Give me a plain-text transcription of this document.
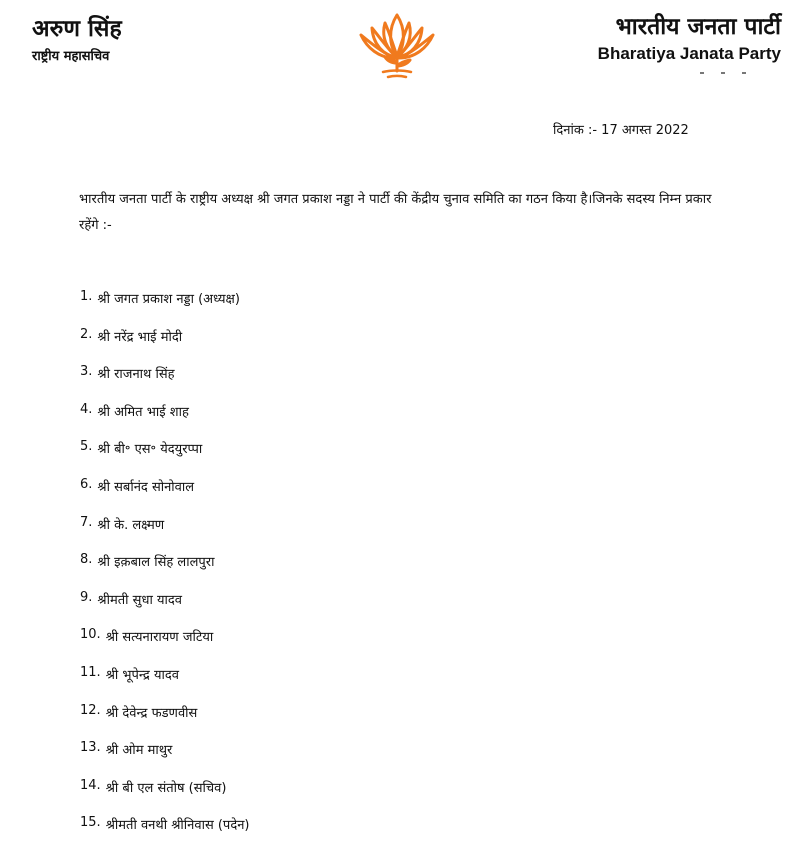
अरुण सिंह
राष्ट्रीय महासचिव
भारतीय जनता पार्टी
Bharatiya Janata Party
दिनांक :- 17 अगस्त 2022
भारतीय जनता पार्टी के राष्ट्रीय अध्यक्ष श्री जगत प्रकाश नड्डा ने पार्टी की केंद्रीय चुनाव समिति का गठन किया है।जिनके सदस्य निम्न प्रकार रहेंगे :-
1. श्री जगत प्रकाश नड्डा (अध्यक्ष)
2. श्री नरेंद्र भाई मोदी
3. श्री राजनाथ सिंह
4. श्री अमित भाई शाह
5. श्री बी॰ एस॰ येदयुरप्पा
6. श्री सर्बानंद सोनोवाल
7. श्री के. लक्ष्मण
8. श्री इक़बाल सिंह लालपुरा
9. श्रीमती सुधा यादव
10. श्री सत्यनारायण जटिया
11. श्री भूपेन्द्र यादव
12. श्री देवेन्द्र फडणवीस
13. श्री ओम माथुर
14. श्री बी एल संतोष (सचिव)
15. श्रीमती वनथी श्रीनिवास (पदेन)
